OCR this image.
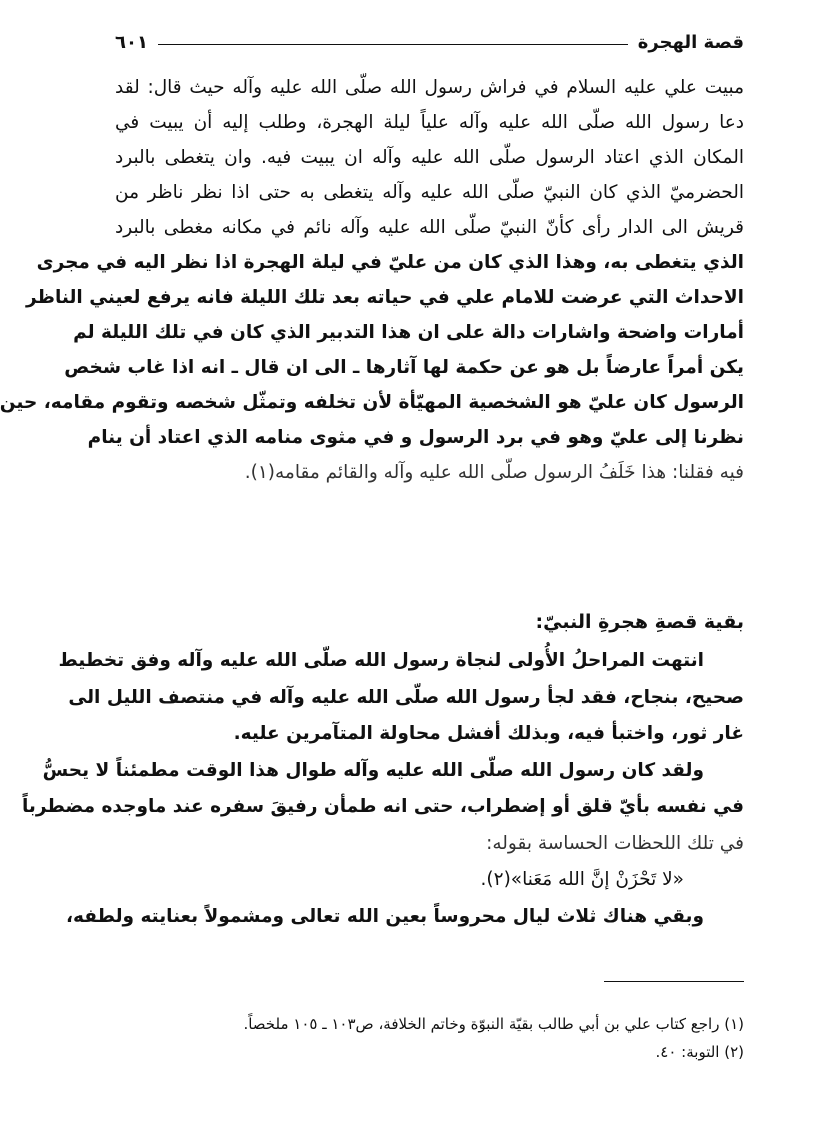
قصة الهجرة
٦٠١
مبيت علي عليه السلام في فراش رسول الله صلّى الله عليه وآله حيث قال: لقد
دعا رسول الله صلّى الله عليه وآله علياً ليلة الهجرة، وطلب إليه أن يبيت في
المكان الذي اعتاد الرسول صلّى الله عليه وآله ان يبيت فيه. وان يتغطى بالبرد
الحضرميّ الذي كان النبيّ صلّى الله عليه وآله يتغطى به حتى اذا نظر ناظر من
قريش الى الدار رأى كأنّ النبيّ صلّى الله عليه وآله نائم في مكانه مغطى بالبرد
الذي يتغطى به، وهذا الذي كان من عليّ في ليلة الهجرة اذا نظر اليه في مجرى
الاحداث التي عرضت للامام علي في حياته بعد تلك الليلة فانه يرفع لعيني الناظر
أمارات واضحة واشارات دالة على ان هذا التدبير الذي كان في تلك الليلة لم
يكن أمراً عارضاً بل هو عن حكمة لها آثارها ـ الى ان قال ـ انه اذا غاب شخص
الرسول كان عليّ هو الشخصية المهيّأة لأن تخلفه وتمثّل شخصه وتقوم مقامه، حين
نظرنا إلى عليّ وهو في برد الرسول و في مثوى منامه الذي اعتاد أن ينام
فيه فقلنا: هذا خَلَفُ الرسول صلّى الله عليه وآله والقائم مقامه(١).
بقية قصةِ هجرةِ النبيّ:
انتهت المراحلُ الأُولى لنجاة رسول الله صلّى الله عليه وآله وفق تخطيط
صحيح، بنجاح، فقد لجأ رسول الله صلّى الله عليه وآله في منتصف الليل الى
غار ثور، واختبأ فيه، وبذلك أفشل محاولة المتآمرين عليه.
ولقد كان رسول الله صلّى الله عليه وآله طوال هذا الوقت مطمئناً لا يحسُّ
في نفسه بأيّ قلق أو إضطراب، حتى انه طمأن رفيقَ سفره عند ماوجده مضطرباً
في تلك اللحظات الحساسة بقوله:
«لا تَحْزَنْ إنَّ الله مَعَنا»(٢).
وبقي هناك ثلاث ليال محروساً بعين الله تعالى ومشمولاً بعنايته ولطفه،
(١) راجع كتاب علي بن أبي طالب بقيّة النبوّة وخاتم الخلافة، ص١٠٣ ـ ١٠٥ ملخصاً.
(٢) التوبة: ٤٠.
